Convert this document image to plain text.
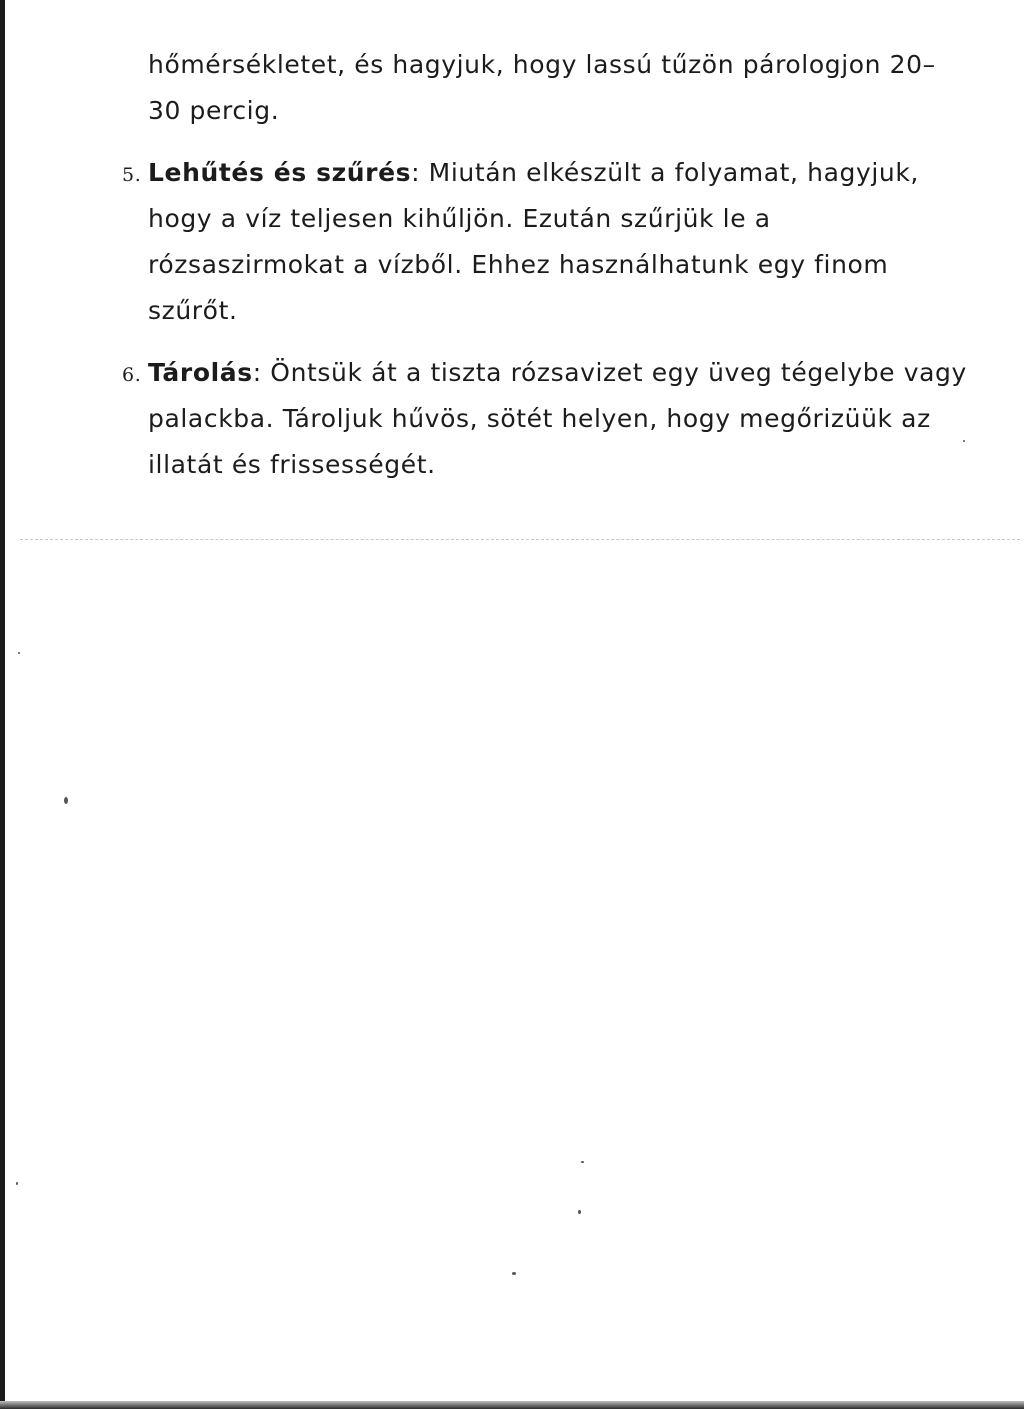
hőmérsékletet, és hagyjuk, hogy lassú tűzön párologjon 20–30 percig.

5. Lehűtés és szűrés: Miután elkészült a folyamat, hagyjuk, hogy a víz teljesen kihűljön. Ezután szűrjük le a rózsaszirmokat a vízből. Ehhez használhatunk egy finom szűrőt.
6. Tárolás: Öntsük át a tiszta rózsavizet egy üveg tégelybe vagy palackba. Tároljuk hűvös, sötét helyen, hogy megőrizüük az illatát és frissességét.
